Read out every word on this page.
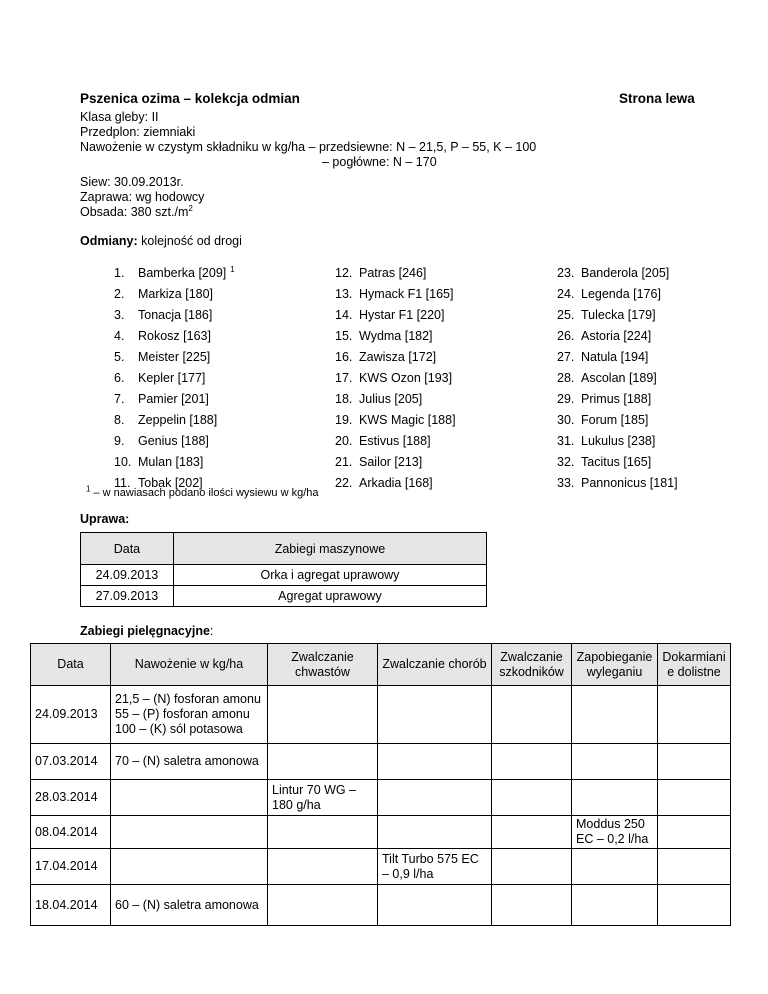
Pszenica ozima – kolekcja odmian	Strona lewa
Klasa gleby: II
Przedplon: ziemniaki
Nawożenie w czystym składniku w kg/ha – przedsiewne: N – 21,5, P – 55, K – 100
– pogłówne: N – 170
Siew: 30.09.2013r.
Zaprawa: wg hodowcy
Obsada: 380 $szt./m^2$
Odmiany: kolejność od drogi
1. Bamberka [209] $^1$
2. Markiza [180]
3. Tonacja [186]
4. Rokosz [163]
5. Meister [225]
6. Kepler [177]
7. Pamier [201]
8. Zeppelin [188]
9. Genius [188]
10. Mulan [183]
11. Tobak [202]
12. Patras [246]
13. Hymack F1 [165]
14. Hystar F1 [220]
15. Wydma [182]
16. Zawisza [172]
17. KWS Ozon [193]
18. Julius [205]
19. KWS Magic [188]
20. Estivus [188]
21. Sailor [213]
22. Arkadia [168]
23. Banderola [205]
24. Legenda [176]
25. Tulecka [179]
26. Astoria [224]
27. Natula [194]
28. Ascolan [189]
29. Primus [188]
30. Forum [185]
31. Lukulus [238]
32. Tacitus [165]
33. Pannonicus [181]
$^1$ – w nawiasach podano ilości wysiewu w kg/ha
Uprawa:
Data	Zabiegi maszynowe
24.09.2013	Orka i agregat uprawowy
27.09.2013	Agregat uprawowy
Zabiegi pielęgnacyjne:
Data	Nawożenie w kg/ha	Zwalczanie chwastów	Zwalczanie chorób	Zwalczanie szkodników	Zapobieganie wyleganiu	Dokarmiani e dolistne
24.09.2013	21,5 – (N) fosforan amonu
55 – (P) fosforan amonu
100 – (K) sól potasowa					

07.03.2014	70 – (N) saletra amonowa					

28.03.2014		Lintur 70 WG – 180 g/ha				
08.04.2014					Moddus 250 EC – 0,2 l/ha	
17.04.2014			Tilt Turbo 575 EC – 0,9 l/ha			
18.04.2014	60 – (N) saletra amonowa					
